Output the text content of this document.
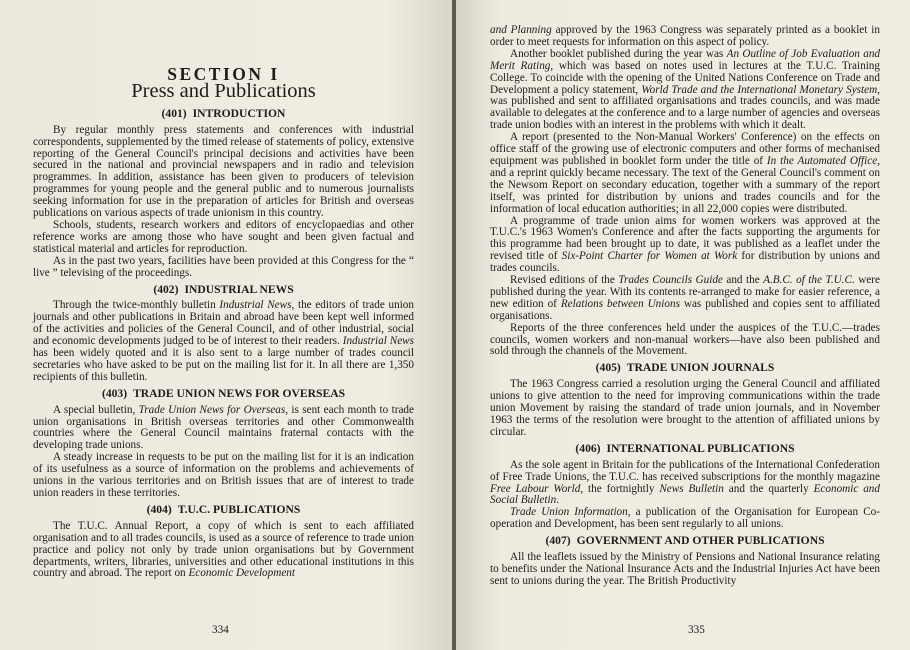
SECTION I
Press and Publications
(401) INTRODUCTION

By regular monthly press statements and conferences with industrial correspondents, supplemented by the timed release of statements of policy, extensive reporting of the General Council's principal decisions and activities have been secured in the national and provincial newspapers and in radio and television programmes. In addition, assistance has been given to producers of television programmes for young people and the general public and to numerous journalists seeking information for use in the preparation of articles for British and overseas publications on various aspects of trade unionism in this country.

Schools, students, research workers and editors of encyclopaedias and other reference works are among those who have sought and been given factual and statistical material and articles for reproduction.

As in the past two years, facilities have been provided at this Congress for the “ live ” televising of the proceedings.

(402) INDUSTRIAL NEWS

Through the twice-monthly bulletin Industrial News, the editors of trade union journals and other publications in Britain and abroad have been kept well informed of the activities and policies of the General Council, and of other industrial, social and economic developments judged to be of interest to their readers. Industrial News has been widely quoted and it is also sent to a large number of trades council secretaries who have asked to be put on the mailing list for it. In all there are 1,350 recipients of this bulletin.

(403) TRADE UNION NEWS FOR OVERSEAS

A special bulletin, Trade Union News for Overseas, is sent each month to trade union organisations in British overseas territories and other Commonwealth countries where the General Council maintains fraternal contacts with the developing trade unions.

A steady increase in requests to be put on the mailing list for it is an indication of its usefulness as a source of information on the problems and achievements of unions in the various territories and on British issues that are of interest to trade union readers in these territories.

(404) T.U.C. PUBLICATIONS

The T.U.C. Annual Report, a copy of which is sent to each affiliated organisation and to all trades councils, is used as a source of reference to trade union practice and policy not only by trade union organisations but by Government departments, writers, libraries, universities and other educational institutions in this country and abroad. The report on Economic Development

334

and Planning approved by the 1963 Congress was separately printed as a booklet in order to meet requests for information on this aspect of policy.

Another booklet published during the year was An Outline of Job Evaluation and Merit Rating, which was based on notes used in lectures at the T.U.C. Training College. To coincide with the opening of the United Nations Conference on Trade and Development a policy statement, World Trade and the International Monetary System, was published and sent to affiliated organisations and trades councils, and was made available to delegates at the conference and to a large number of agencies and overseas trade union bodies with an interest in the problems with which it dealt.

A report (presented to the Non-Manual Workers' Conference) on the effects on office staff of the growing use of electronic computers and other forms of mechanised equipment was published in booklet form under the title of In the Automated Office, and a reprint quickly became necessary. The text of the General Council's comment on the Newsom Report on secondary education, together with a summary of the report itself, was printed for distribution by unions and trades councils and for the information of local education authorities; in all 22,000 copies were distributed.

A programme of trade union aims for women workers was approved at the T.U.C.'s 1963 Women's Conference and after the facts supporting the arguments for this programme had been brought up to date, it was published as a leaflet under the revised title of Six-Point Charter for Women at Work for distribution by unions and trades councils.

Revised editions of the Trades Councils Guide and the A.B.C. of the T.U.C. were published during the year. With its contents re-arranged to make for easier reference, a new edition of Relations between Unions was published and copies sent to affiliated organisations.

Reports of the three conferences held under the auspices of the T.U.C.—trades councils, women workers and non-manual workers—have also been published and sold through the channels of the Movement.

(405) TRADE UNION JOURNALS

The 1963 Congress carried a resolution urging the General Council and affiliated unions to give attention to the need for improving communications within the trade union Movement by raising the standard of trade union journals, and in November 1963 the terms of the resolution were brought to the attention of affiliated unions by circular.

(406) INTERNATIONAL PUBLICATIONS

As the sole agent in Britain for the publications of the International Confederation of Free Trade Unions, the T.U.C. has received subscriptions for the monthly magazine Free Labour World, the fortnightly News Bulletin and the quarterly Economic and Social Bulletin.

Trade Union Information, a publication of the Organisation for European Co-operation and Development, has been sent regularly to all unions.

(407) GOVERNMENT AND OTHER PUBLICATIONS

All the leaflets issued by the Ministry of Pensions and National Insurance relating to benefits under the National Insurance Acts and the Industrial Injuries Act have been sent to unions during the year. The British Productivity

335
